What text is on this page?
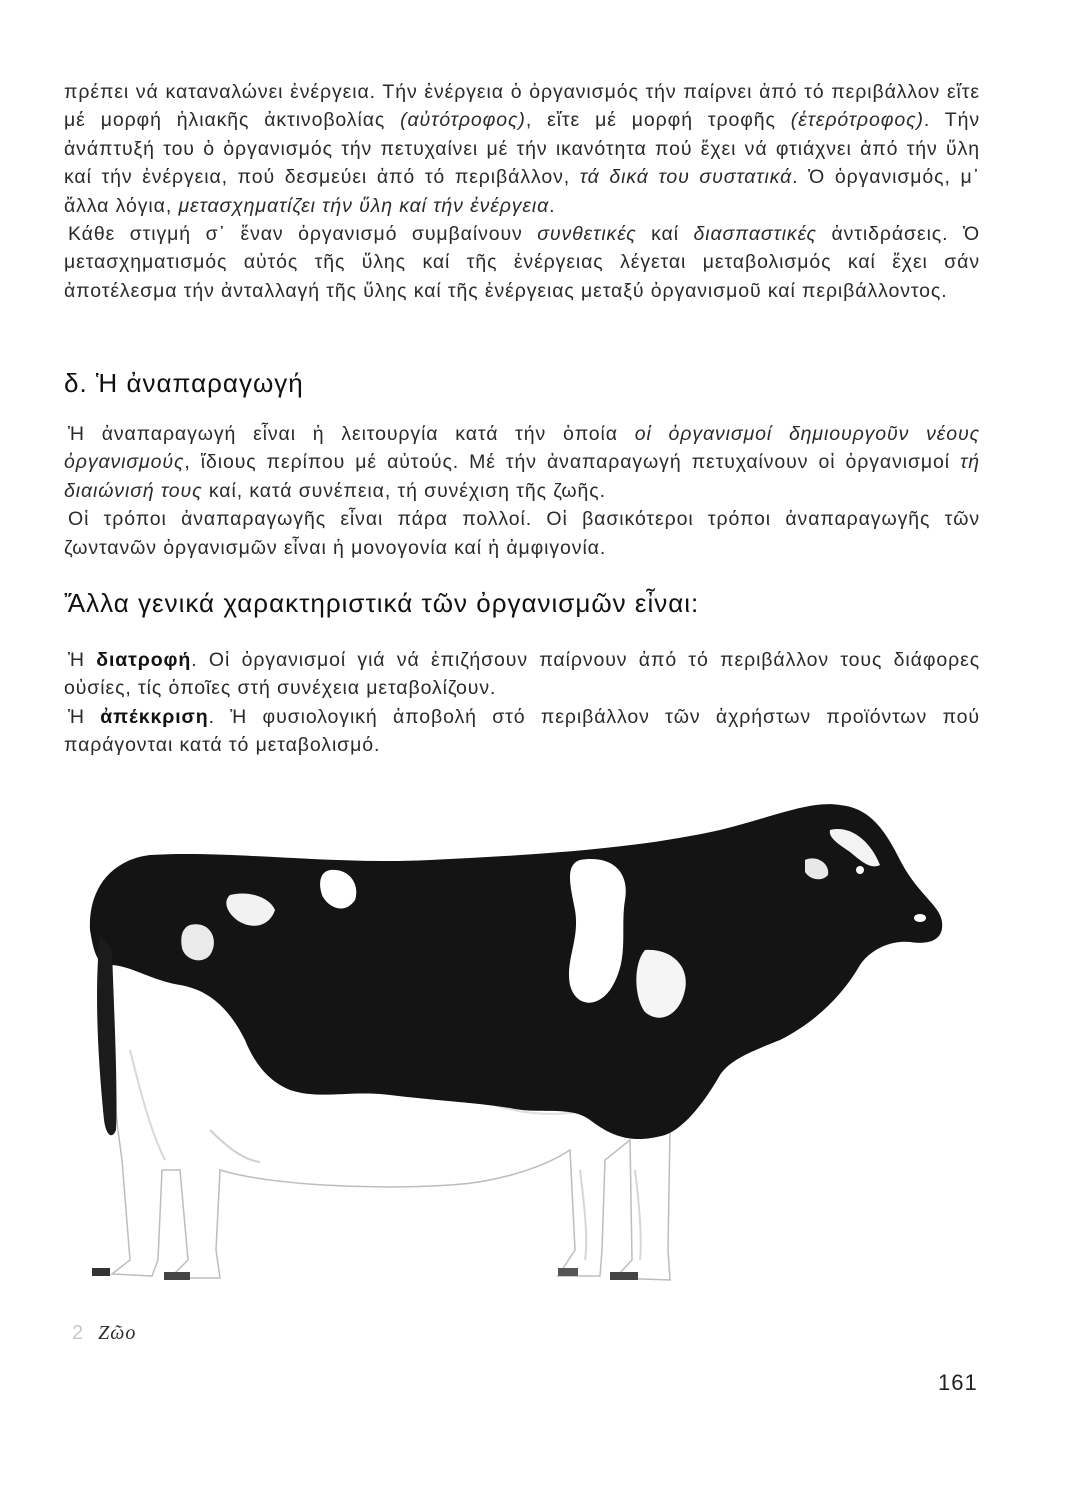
πρέπει νά καταναλώνει ἐνέργεια. Τήν ἐνέργεια ὁ ὀργανισμός τήν παίρνει ἀπό τό περιβάλλον εἴτε μέ μορφή ἡλιακῆς ἀκτινοβολίας (αὐτότροφος), εἴτε μέ μορφή τροφῆς (ἑτερότροφος). Τήν ἀνάπτυξή του ὁ ὀργανισμός τήν πετυχαίνει μέ τήν ικανότητα πού ἔχει νά φτιάχνει ἀπό τήν ὕλη καί τήν ἐνέργεια, πού δεσμεύει ἀπό τό περιβάλλον, τά δικά του συστατικά. Ὁ ὀργανισμός, μ᾿ ἄλλα λόγια, μετασχηματίζει τήν ὕλη καί τήν ἐνέργεια.

Κάθε στιγμή σ᾿ ἕναν ὀργανισμό συμβαίνουν συνθετικές καί διασπαστικές ἀντιδράσεις. Ὁ μετασχηματισμός αὐτός τῆς ὕλης καί τῆς ἐνέργειας λέγεται μεταβολισμός καί ἔχει σάν ἀποτέλεσμα τήν ἀνταλλαγή τῆς ὕλης καί τῆς ἐνέργειας μεταξύ ὀργανισμοῦ καί περιβάλλοντος.

δ. Ἡ ἀναπαραγωγή

Ἡ ἀναπαραγωγή εἶναι ἡ λειτουργία κατά τήν ὁποία οἱ ὀργανισμοί δημιουργοῦν νέους ὀργανισμούς, ἴδιους περίπου μέ αὐτούς. Μέ τήν ἀναπαραγωγή πετυχαίνουν οἱ ὀργανισμοί τή διαιώνισή τους καί, κατά συνέπεια, τή συνέχιση τῆς ζωῆς.

Οἱ τρόποι ἀναπαραγωγῆς εἶναι πάρα πολλοί. Οἱ βασικότεροι τρόποι ἀναπαραγωγῆς τῶν ζωντανῶν ὀργανισμῶν εἶναι ἡ μονογονία καί ἡ ἀμφιγονία.

Ἄλλα γενικά χαρακτηριστικά τῶν ὀργανισμῶν εἶναι:

Ἡ διατροφή. Οἱ ὀργανισμοί γιά νά ἐπιζήσουν παίρνουν ἀπό τό περιβάλλον τους διάφορες οὐσίες, τίς ὁποῖες στή συνέχεια μεταβολίζουν.

Ἡ ἀπέκκριση. Ἡ φυσιολογική ἀποβολή στό περιβάλλον τῶν ἀχρήστων προϊόντων πού παράγονται κατά τό μεταβολισμό.

2 Ζῶο
161
